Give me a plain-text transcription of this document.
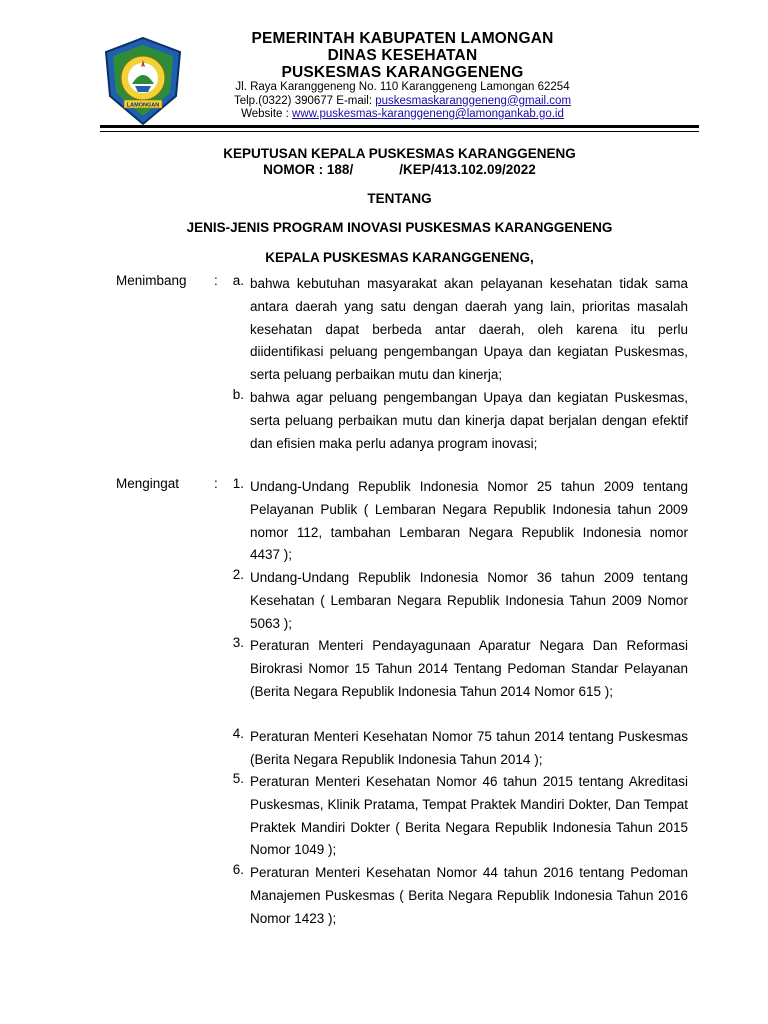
LAMONGAN
PEMERINTAH KABUPATEN LAMONGAN
DINAS KESEHATAN
PUSKESMAS KARANGGENENG
Jl. Raya Karanggeneng No. 110 Karanggeneng Lamongan 62254
Telp.(0322) 390677 E-mail: puskesmaskaranggeneng@gmail.com
Website : www.puskesmas-karanggeneng@lamongankab.go.id
KEPUTUSAN KEPALA PUSKESMAS KARANGGENENG
NOMOR : 188/	/KEP/413.102.09/2022
TENTANG
JENIS-JENIS PROGRAM INOVASI PUSKESMAS KARANGGENENG
KEPALA PUSKESMAS KARANGGENENG,
Menimbang :	a. bahwa kebutuhan masyarakat akan pelayanan kesehatan tidak sama antara daerah yang satu dengan daerah yang lain, prioritas masalah kesehatan dapat berbeda antar daerah, oleh karena itu perlu diidentifikasi peluang pengembangan Upaya dan kegiatan Puskesmas, serta peluang perbaikan mutu dan kinerja;
b. bahwa agar peluang pengembangan Upaya dan kegiatan Puskesmas, serta peluang perbaikan mutu dan kinerja dapat berjalan dengan efektif dan efisien maka perlu adanya program inovasi;
Mengingat	:	1. Undang-Undang Republik Indonesia Nomor 25 tahun 2009 tentang Pelayanan Publik ( Lembaran Negara Republik Indonesia tahun 2009 nomor 112, tambahan Lembaran Negara Republik Indonesia nomor 4437 );
2. Undang-Undang Republik Indonesia Nomor 36 tahun 2009 tentang Kesehatan ( Lembaran Negara Republik Indonesia Tahun 2009 Nomor 5063 );
3. Peraturan Menteri Pendayagunaan Aparatur Negara Dan Reformasi Birokrasi Nomor 15 Tahun 2014 Tentang Pedoman Standar Pelayanan (Berita Negara Republik Indonesia Tahun 2014 Nomor 615 );
4. Peraturan Menteri Kesehatan Nomor 75 tahun 2014 tentang Puskesmas (Berita Negara Republik Indonesia Tahun 2014 );
5. Peraturan Menteri Kesehatan Nomor 46 tahun 2015 tentang Akreditasi Puskesmas, Klinik Pratama, Tempat Praktek Mandiri Dokter, Dan Tempat Praktek Mandiri Dokter ( Berita Negara Republik Indonesia Tahun 2015 Nomor 1049 );
6. Peraturan Menteri Kesehatan Nomor 44 tahun 2016 tentang Pedoman Manajemen Puskesmas ( Berita Negara Republik Indonesia Tahun 2016 Nomor 1423 );
